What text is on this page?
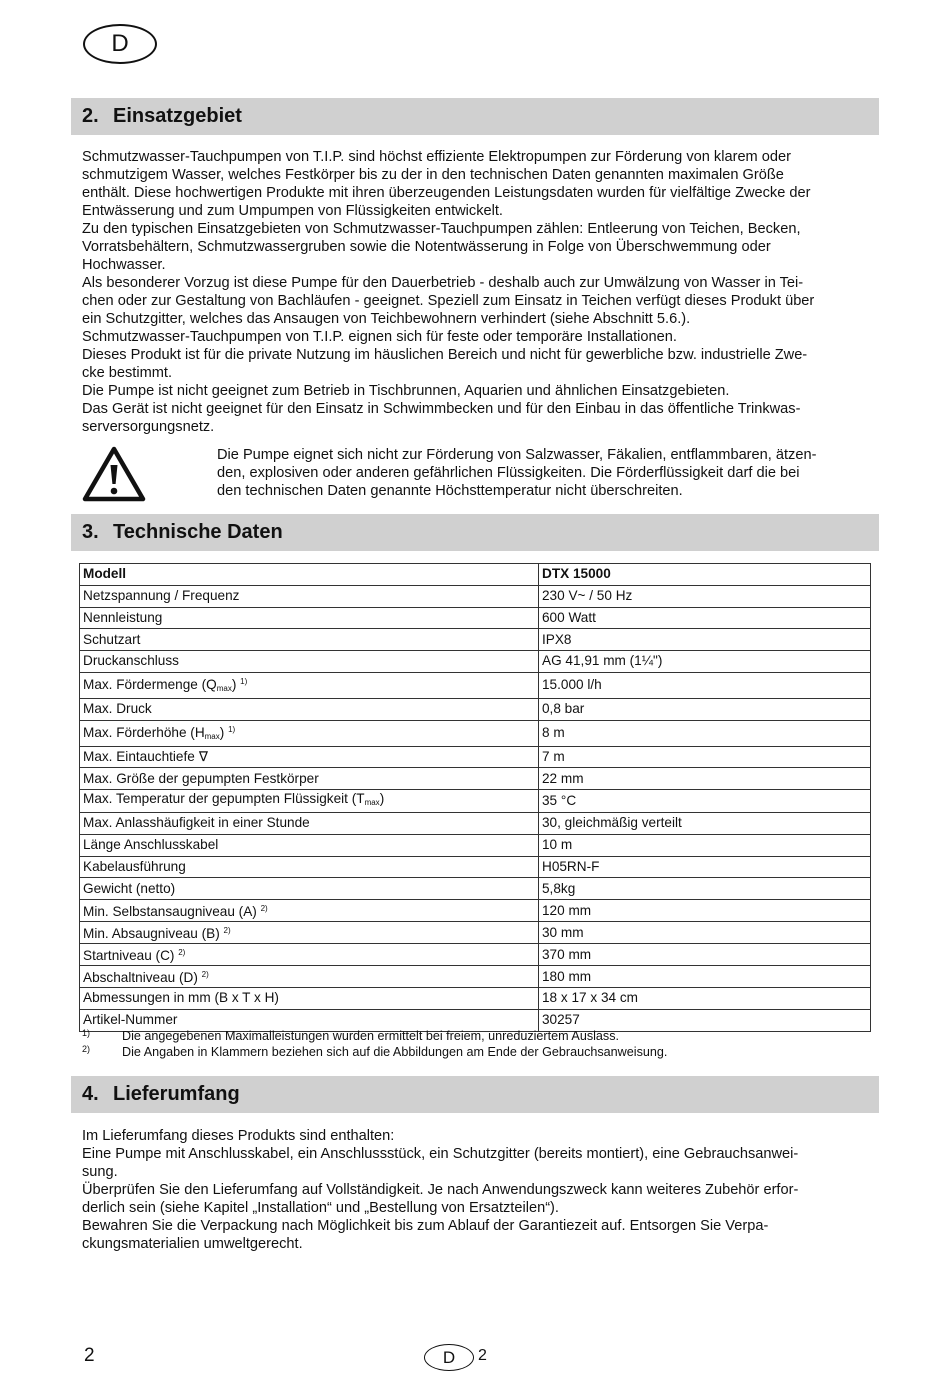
D
2. Einsatzgebiet

Schmutzwasser-Tauchpumpen von T.I.P. sind höchst effiziente Elektropumpen zur Förderung von klarem oder

schmutzigem Wasser, welches Festkörper bis zu der in den technischen Daten genannten maximalen Größe

enthält. Diese hochwertigen Produkte mit ihren überzeugenden Leistungsdaten wurden für vielfältige Zwecke der

Entwässerung und zum Umpumpen von Flüssigkeiten entwickelt.

Zu den typischen Einsatzgebieten von Schmutzwasser-Tauchpumpen zählen: Entleerung von Teichen, Becken,

Vorratsbehältern, Schmutzwassergruben sowie die Notentwässerung in Folge von Überschwemmung oder

Hochwasser.

Als besonderer Vorzug ist diese Pumpe für den Dauerbetrieb - deshalb auch zur Umwälzung von Wasser in Tei-

chen oder zur Gestaltung von Bachläufen - geeignet. Speziell zum Einsatz in Teichen verfügt dieses Produkt über

ein Schutzgitter, welches das Ansaugen von Teichbewohnern verhindert (siehe Abschnitt 5.6.).

Schmutzwasser-Tauchpumpen von T.I.P. eignen sich für feste oder temporäre Installationen.

Dieses Produkt ist für die private Nutzung im häuslichen Bereich und nicht für gewerbliche bzw. industrielle Zwe-

cke bestimmt.

Die Pumpe ist nicht geeignet zum Betrieb in Tischbrunnen, Aquarien und ähnlichen Einsatzgebieten.

Das Gerät ist nicht geeignet für den Einsatz in Schwimmbecken und für den Einbau in das öffentliche Trinkwas-

serversorgungsnetz.

Die Pumpe eignet sich nicht zur Förderung von Salzwasser, Fäkalien, entflammbaren, ätzen-

den, explosiven oder anderen gefährlichen Flüssigkeiten. Die Förderflüssigkeit darf die bei

den technischen Daten genannte Höchsttemperatur nicht überschreiten.

3. Technische Daten
Modell	DTX 15000
Netzspannung / Frequenz	230 V~ / 50 Hz
Nennleistung	600 Watt
Schutzart	IPX8
Druckanschluss	AG 41,91 mm (1¼")
Max. Fördermenge $(Q_{max})$ $^{1)}$	15.000 l/h
Max. Druck	0,8 bar
Max. Förderhöhe $(H_{max})$ $^{1)}$	8 m
Max. Eintauchtiefe ∇	7 m
Max. Größe der gepumpten Festkörper	22 mm
Max. Temperatur der gepumpten Flüssigkeit $(T_{max})$	35 °C
Max. Anlasshäufigkeit in einer Stunde	30, gleichmäßig verteilt
Länge Anschlusskabel	10 m
Kabelausführung	H05RN-F
Gewicht (netto)	5,8kg
Min. Selbstansaugniveau (A) $^{2)}$	120 mm
Min. Absaugniveau (B) $^{2)}$	30 mm
Startniveau (C) $^{2)}$	370 mm
Abschaltniveau (D) $^{2)}$	180 mm
Abmessungen in mm (B x T x H)	18 x 17 x 34 cm
Artikel-Nummer	30257
1)	Die angegebenen Maximalleistungen wurden ermittelt bei freiem, unreduziertem Auslass.
2)	Die Angaben in Klammern beziehen sich auf die Abbildungen am Ende der Gebrauchsanweisung.
4. Lieferumfang

Im Lieferumfang dieses Produkts sind enthalten:

Eine Pumpe mit Anschlusskabel, ein Anschlussstück, ein Schutzgitter (bereits montiert), eine Gebrauchsanwei-

sung.

Überprüfen Sie den Lieferumfang auf Vollständigkeit. Je nach Anwendungszweck kann weiteres Zubehör erfor-

derlich sein (siehe Kapitel „Installation“ und „Bestellung von Ersatzteilen“).

Bewahren Sie die Verpackung nach Möglichkeit bis zum Ablauf der Garantiezeit auf. Entsorgen Sie Verpa-

ckungsmaterialien umweltgerecht.

2	D	2
